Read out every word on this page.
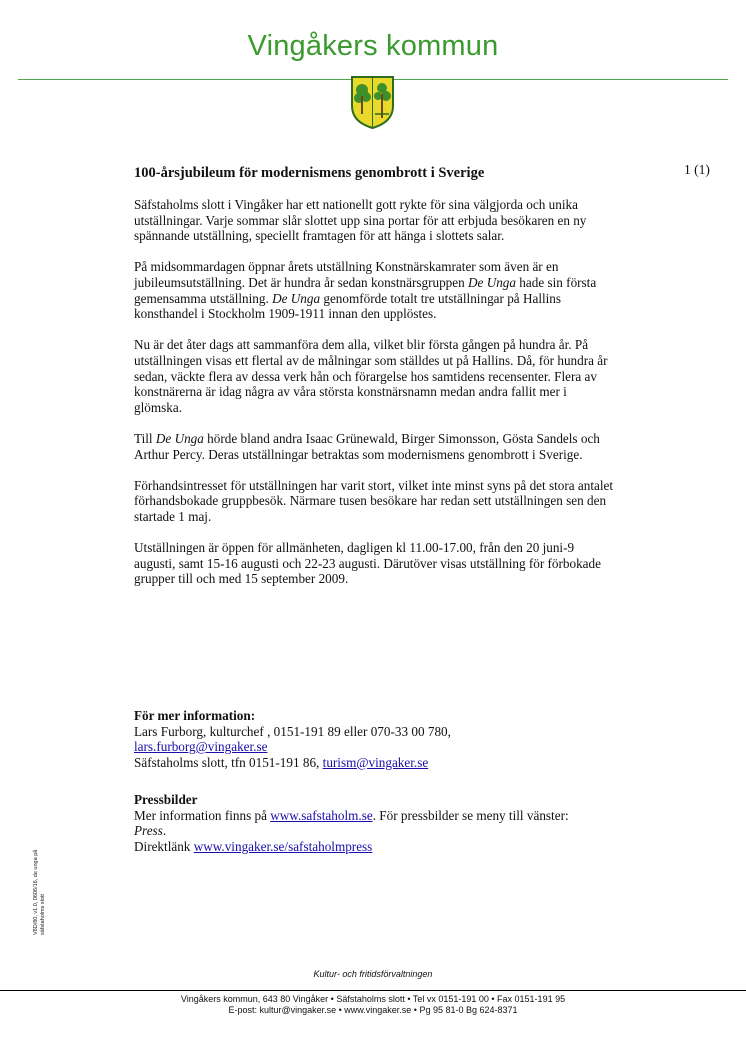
Vingåkers kommun
100-årsjubileum för modernismens genombrott i Sverige	1 (1)

Säfstaholms slott i Vingåker har ett nationellt gott rykte för sina välgjorda och unika utställningar. Varje sommar slår slottet upp sina portar för att erbjuda besökaren en ny spännande utställning, speciellt framtagen för att hänga i slottets salar.

På midsommardagen öppnar årets utställning Konstnärskamrater som även är en jubileumsutställning. Det är hundra år sedan konstnärsgruppen De Unga hade sin första gemensamma utställning. De Unga genomförde totalt tre utställningar på Hallins konsthandel i Stockholm 1909-1911 innan den upplöstes.

Nu är det åter dags att sammanföra dem alla, vilket blir första gången på hundra år. På utställningen visas ett flertal av de målningar som ställdes ut på Hallins. Då, för hundra år sedan, väckte flera av dessa verk hån och förargelse hos samtidens recensenter. Flera av konstnärerna är idag några av våra största konstnärsnamn medan andra fallit mer i glömska.

Till De Unga hörde bland andra Isaac Grünewald, Birger Simonsson, Gösta Sandels och Arthur Percy. Deras utställningar betraktas som modernismens genombrott i Sverige.

Förhandsintresset för utställningen har varit stort, vilket inte minst syns på det stora antalet förhandsbokade gruppbesök. Närmare tusen besökare har redan sett utställningen sen den startade 1 maj.

Utställningen är öppen för allmänheten, dagligen kl 11.00-17.00, från den 20 juni-9 augusti, samt 15-16 augusti och 22-23 augusti. Därutöver visas utställning för förbokade grupper till och med 15 september 2009.

För mer information:
Lars Furborg, kulturchef , 0151-191 89 eller 070-33 00 780,
lars.furborg@vingaker.se
Säfstaholms slott, tfn 0151-191 86, turism@vingaker.se
Pressbilder
Mer information finns på www.safstaholm.se. För pressbilder se meny till vänster:
Press.
Direktlänk www.vingaker.se/safstaholmpress
V8D/80, v1.0, 0606/16, de unga på säfstaholms slott
Kultur- och fritidsförvaltningen
Vingåkers kommun, 643 80 Vingåker • Säfstaholms slott • Tel vx 0151-191 00 • Fax 0151-191 95
E-post: kultur@vingaker.se • www.vingaker.se • Pg 95 81-0 Bg 624-8371
